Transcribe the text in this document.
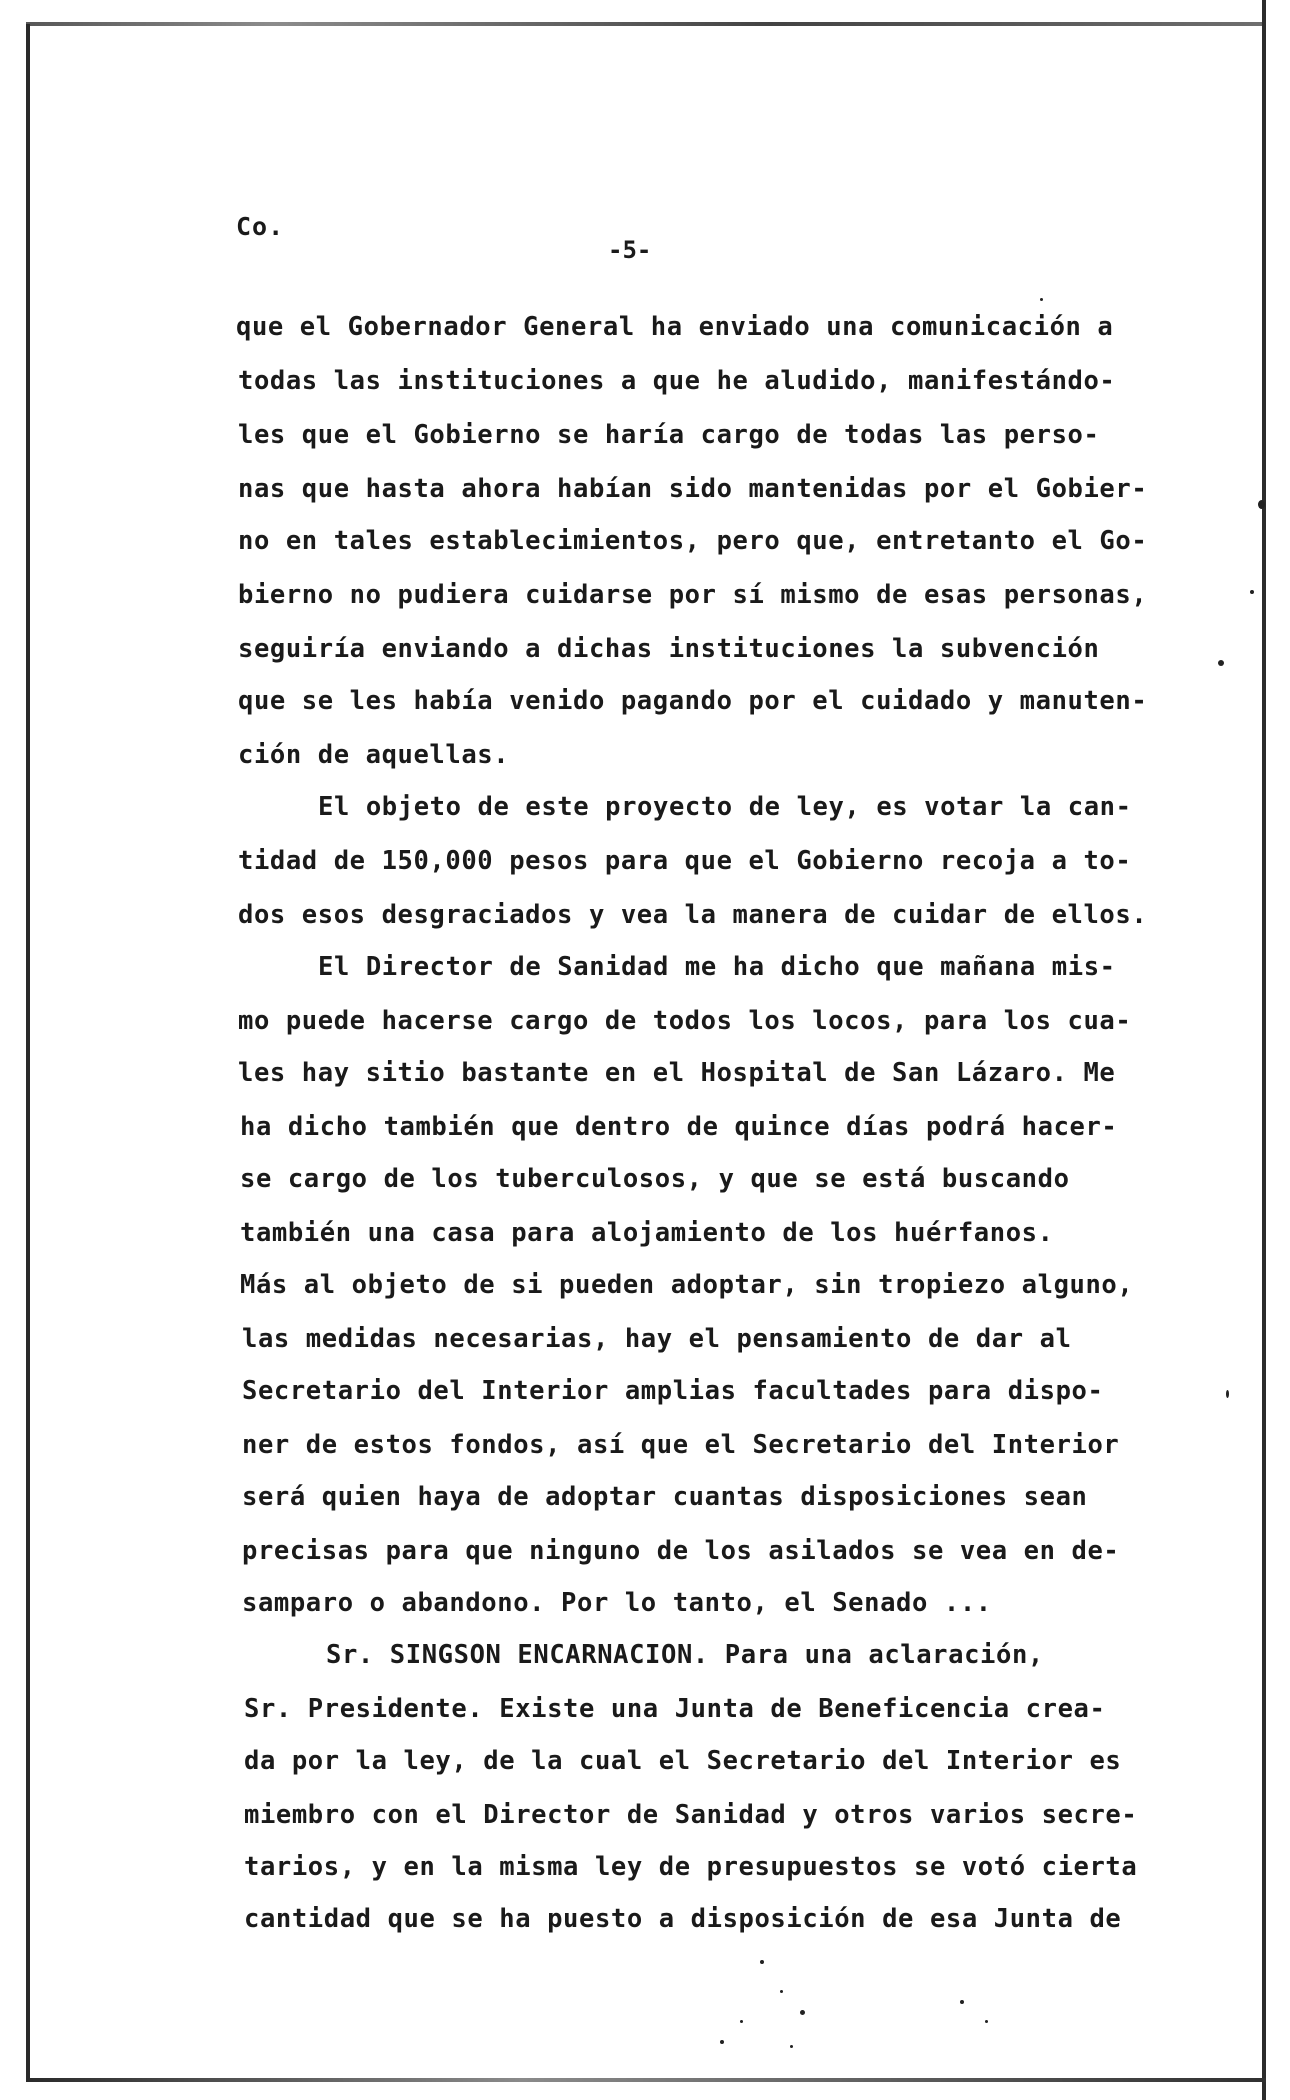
Co.
-5-
que el Gobernador General ha enviado una comunicación a
todas las instituciones a que he aludido, manifestándo-
les que el Gobierno se haría cargo de todas las perso-
nas que hasta ahora habían sido mantenidas por el Gobier-
no en tales establecimientos, pero que, entretanto el Go-
bierno no pudiera cuidarse por sí mismo de esas personas,
seguiría enviando a dichas instituciones la subvención
que se les había venido pagando por el cuidado y manuten-
ción de aquellas.
El objeto de este proyecto de ley, es votar la can-
tidad de 150,000 pesos para que el Gobierno recoja a to-
dos esos desgraciados y vea la manera de cuidar de ellos.
El Director de Sanidad me ha dicho que mañana mis-
mo puede hacerse cargo de todos los locos, para los cua-
les hay sitio bastante en el Hospital de San Lázaro. Me
ha dicho también que dentro de quince días podrá hacer-
se cargo de los tuberculosos, y que se está buscando
también una casa para alojamiento de los huérfanos.
Más al objeto de si pueden adoptar, sin tropiezo alguno,
las medidas necesarias, hay el pensamiento de dar al
Secretario del Interior amplias facultades para dispo-
ner de estos fondos, así que el Secretario del Interior
será quien haya de adoptar cuantas disposiciones sean
precisas para que ninguno de los asilados se vea en de-
samparo o abandono. Por lo tanto, el Senado ...
Sr. SINGSON ENCARNACION. Para una aclaración,
Sr. Presidente. Existe una Junta de Beneficencia crea-
da por la ley, de la cual el Secretario del Interior es
miembro con el Director de Sanidad y otros varios secre-
tarios, y en la misma ley de presupuestos se votó cierta
cantidad que se ha puesto a disposición de esa Junta de
